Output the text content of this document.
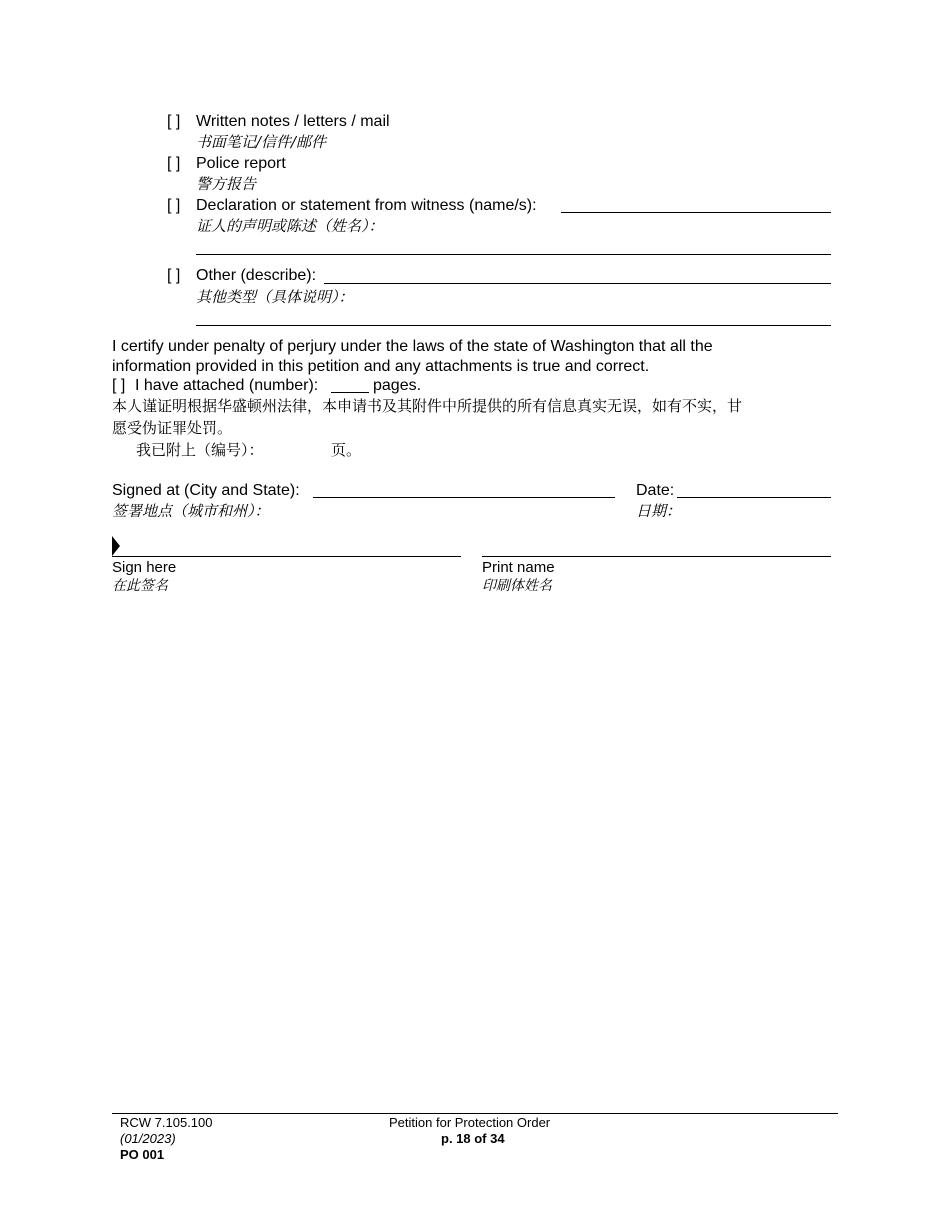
[ ] Written notes / letters / mail
书面笔记/信件/邮件
[ ] Police report
警方报告
[ ] Declaration or statement from witness (name/s):
证人的声明或陈述（姓名）：
[ ] Other (describe):
其他类型（具体说明）：
I certify under penalty of perjury under the laws of the state of Washington that all the
information provided in this petition and any attachments is true and correct.
[ ] I have attached (number):	pages.
本人谨证明根据华盛顿州法律，本申请书及其附件中所提供的所有信息真实无误，如有不实，甘
愿受伪证罪处罚。
我已附上（编号）：	页。
Signed at (City and State):
签署地点（城市和州）：
Date:
日期：
Sign here
在此签名
Print name
印刷体姓名
RCW 7.105.100
(01/2023)
PO 001
Petition for Protection Order
p. 18 of 34
